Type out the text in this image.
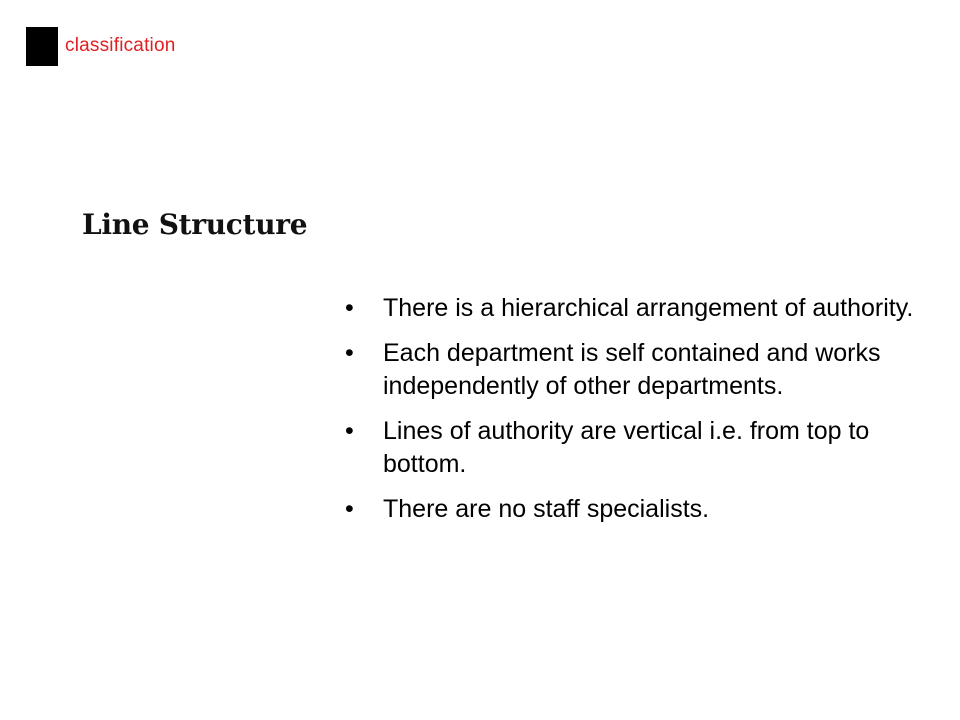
classification
Line Structure
• There is a hierarchical arrangement of authority.
• Each department is self contained and works independently of other departments.
• Lines of authority are vertical i.e. from top to bottom.
• There are no staff specialists.
